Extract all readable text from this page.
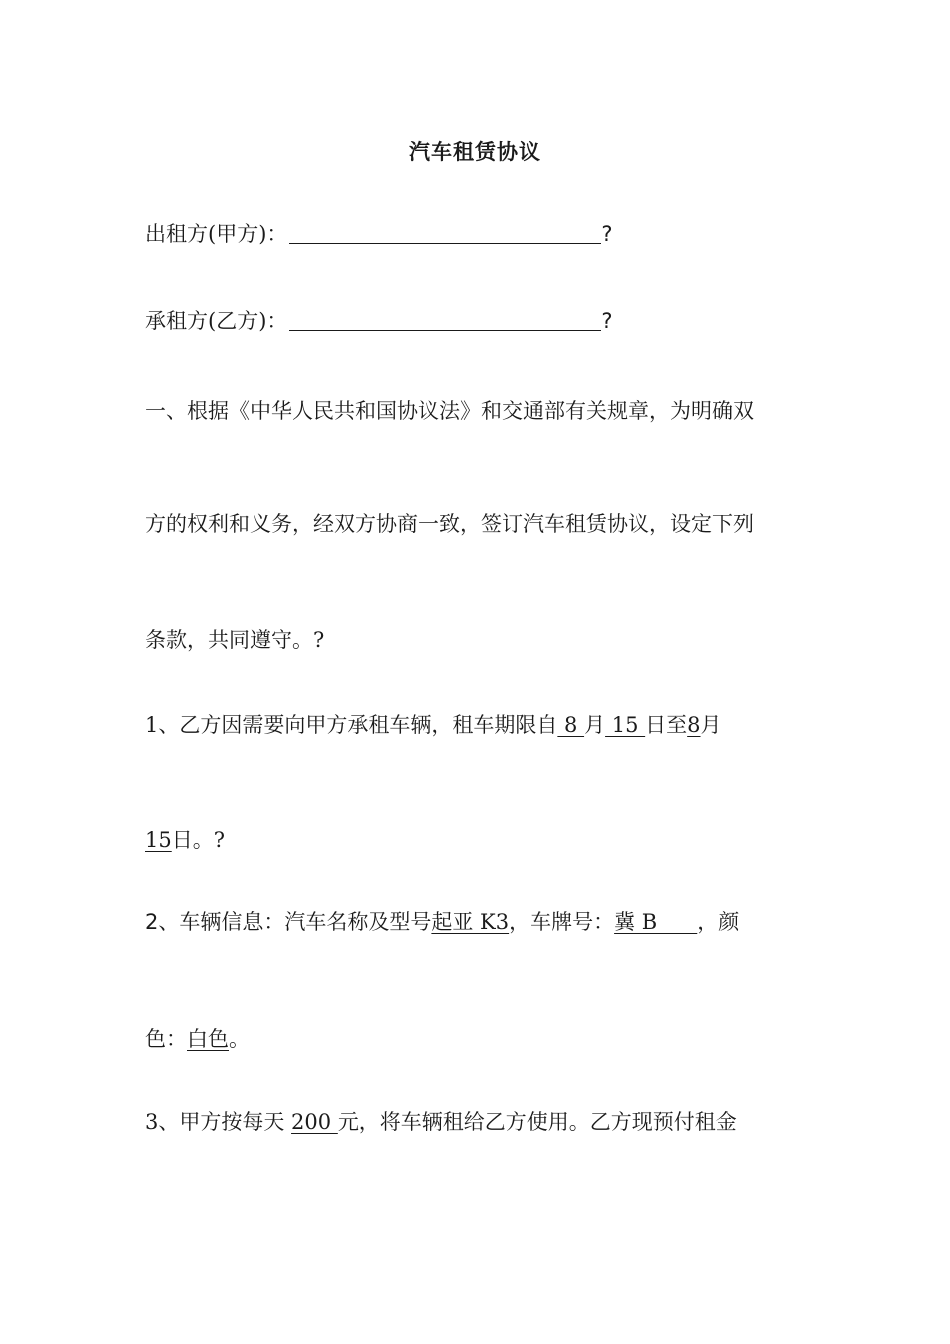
汽车租赁协议
出租方(甲方)：	?
承租方(乙方)：	?
一、根据《中华人民共和国协议法》和交通部有关规章，为明确双
方的权利和义务，经双方协商一致，签订汽车租赁协议，设定下列
条款，共同遵守。?
1、乙方因需要向甲方承租车辆，租车期限自 8 月 15 日至8月
15日。?
2、车辆信息：汽车名称及型号起亚 K3，车牌号：冀 B      ，颜
色：白色。
3、甲方按每天 200 元，将车辆租给乙方使用。乙方现预付租金
